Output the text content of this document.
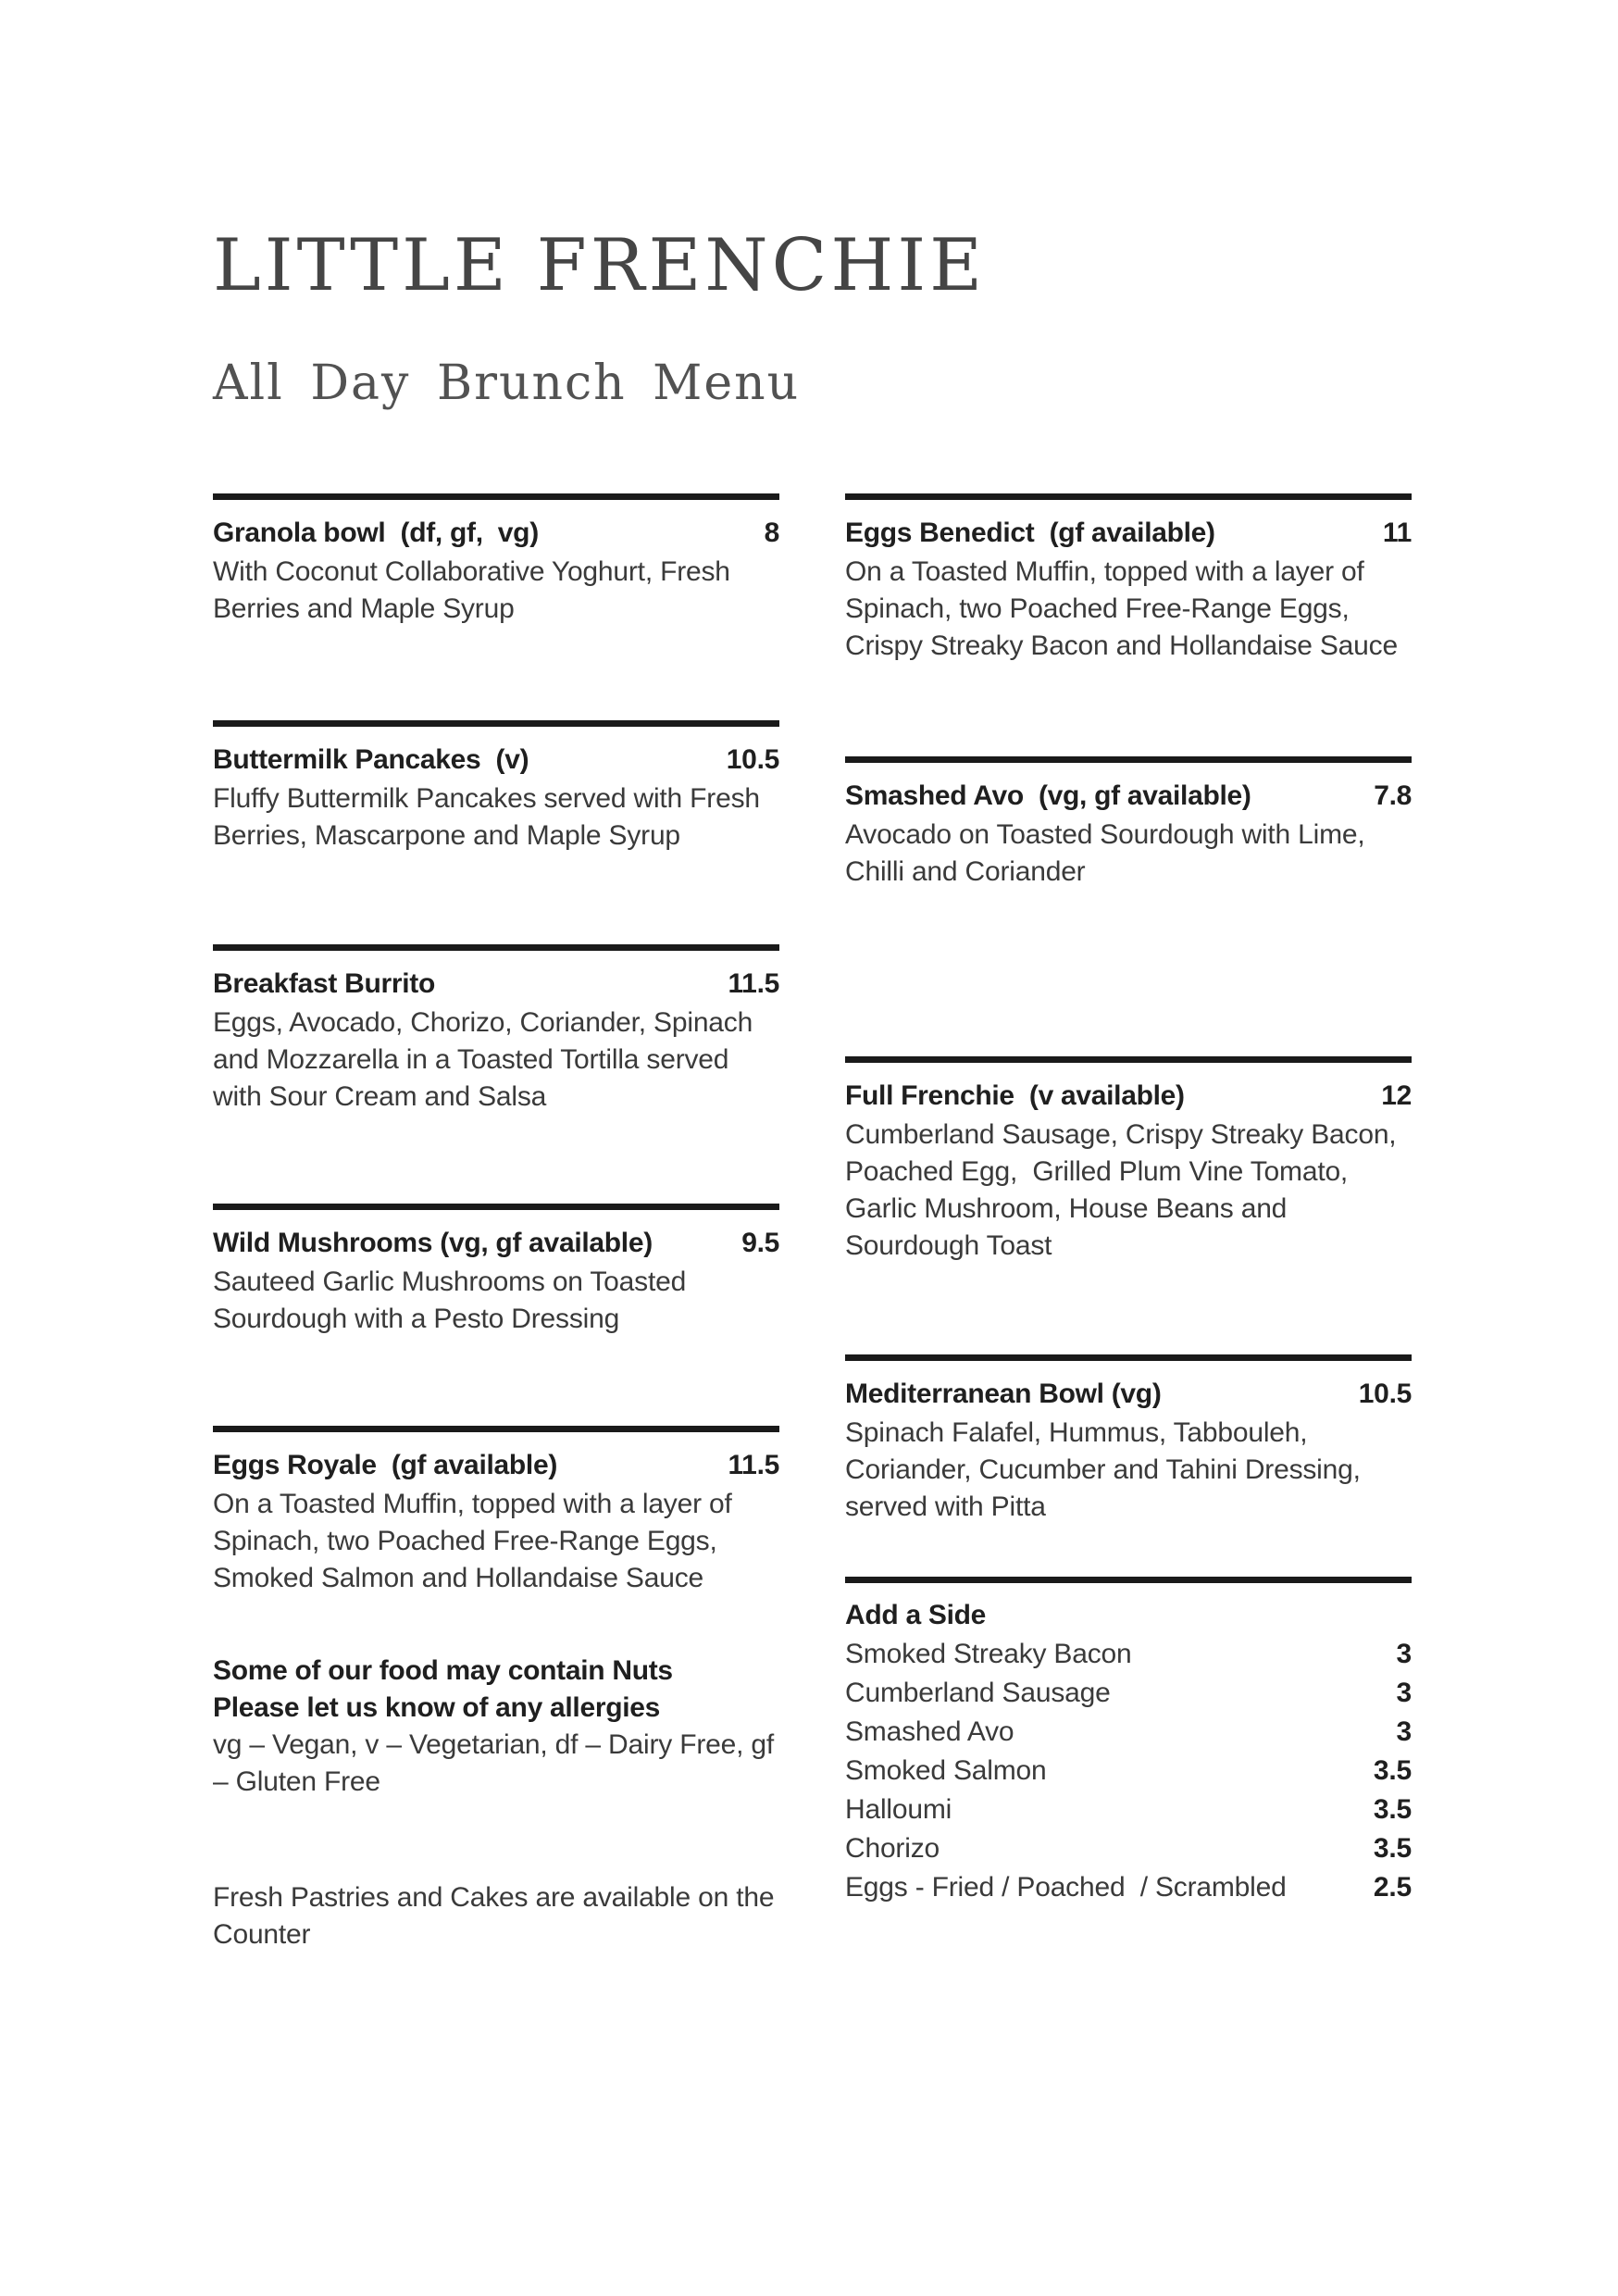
LITTLE FRENCHIE
All Day Brunch Menu
Granola bowl (df, gf,  vg)	8

With Coconut Collaborative Yoghurt, Fresh Berries and Maple Syrup

Buttermilk Pancakes (v)	10.5

Fluffy Buttermilk Pancakes served with Fresh Berries, Mascarpone and Maple Syrup

Breakfast Burrito	11.5

Eggs, Avocado, Chorizo, Coriander, Spinach and Mozzarella in a Toasted Tortilla served with Sour Cream and Salsa

Wild Mushrooms (vg, gf available)	9.5

Sauteed Garlic Mushrooms on Toasted Sourdough with a Pesto Dressing

Eggs Royale (gf available)	11.5

On a Toasted Muffin, topped with a layer of Spinach, two Poached Free-Range Eggs, Smoked Salmon and Hollandaise Sauce

Some of our food may contain Nuts

Please let us know of any allergies

vg – Vegan, v – Vegetarian, df – Dairy Free, gf – Gluten Free

Fresh Pastries and Cakes are available on the Counter

Eggs Benedict (gf available)	11

On a Toasted Muffin, topped with a layer of Spinach, two Poached Free-Range Eggs, Crispy Streaky Bacon and Hollandaise Sauce

Smashed Avo (vg, gf available)	7.8

Avocado on Toasted Sourdough with Lime, Chilli and Coriander

Full Frenchie (v available)	12

Cumberland Sausage, Crispy Streaky Bacon,  Poached Egg,  Grilled Plum Vine Tomato, Garlic Mushroom, House Beans and Sourdough Toast

Mediterranean Bowl (vg)	10.5

Spinach Falafel, Hummus, Tabbouleh, Coriander, Cucumber and Tahini Dressing, served with Pitta

Add a Side
Smoked Streaky Bacon	3
Cumberland Sausage	3
Smashed Avo	3
Smoked Salmon	3.5
Halloumi	3.5
Chorizo	3.5
Eggs - Fried / Poached  / Scrambled	2.5
